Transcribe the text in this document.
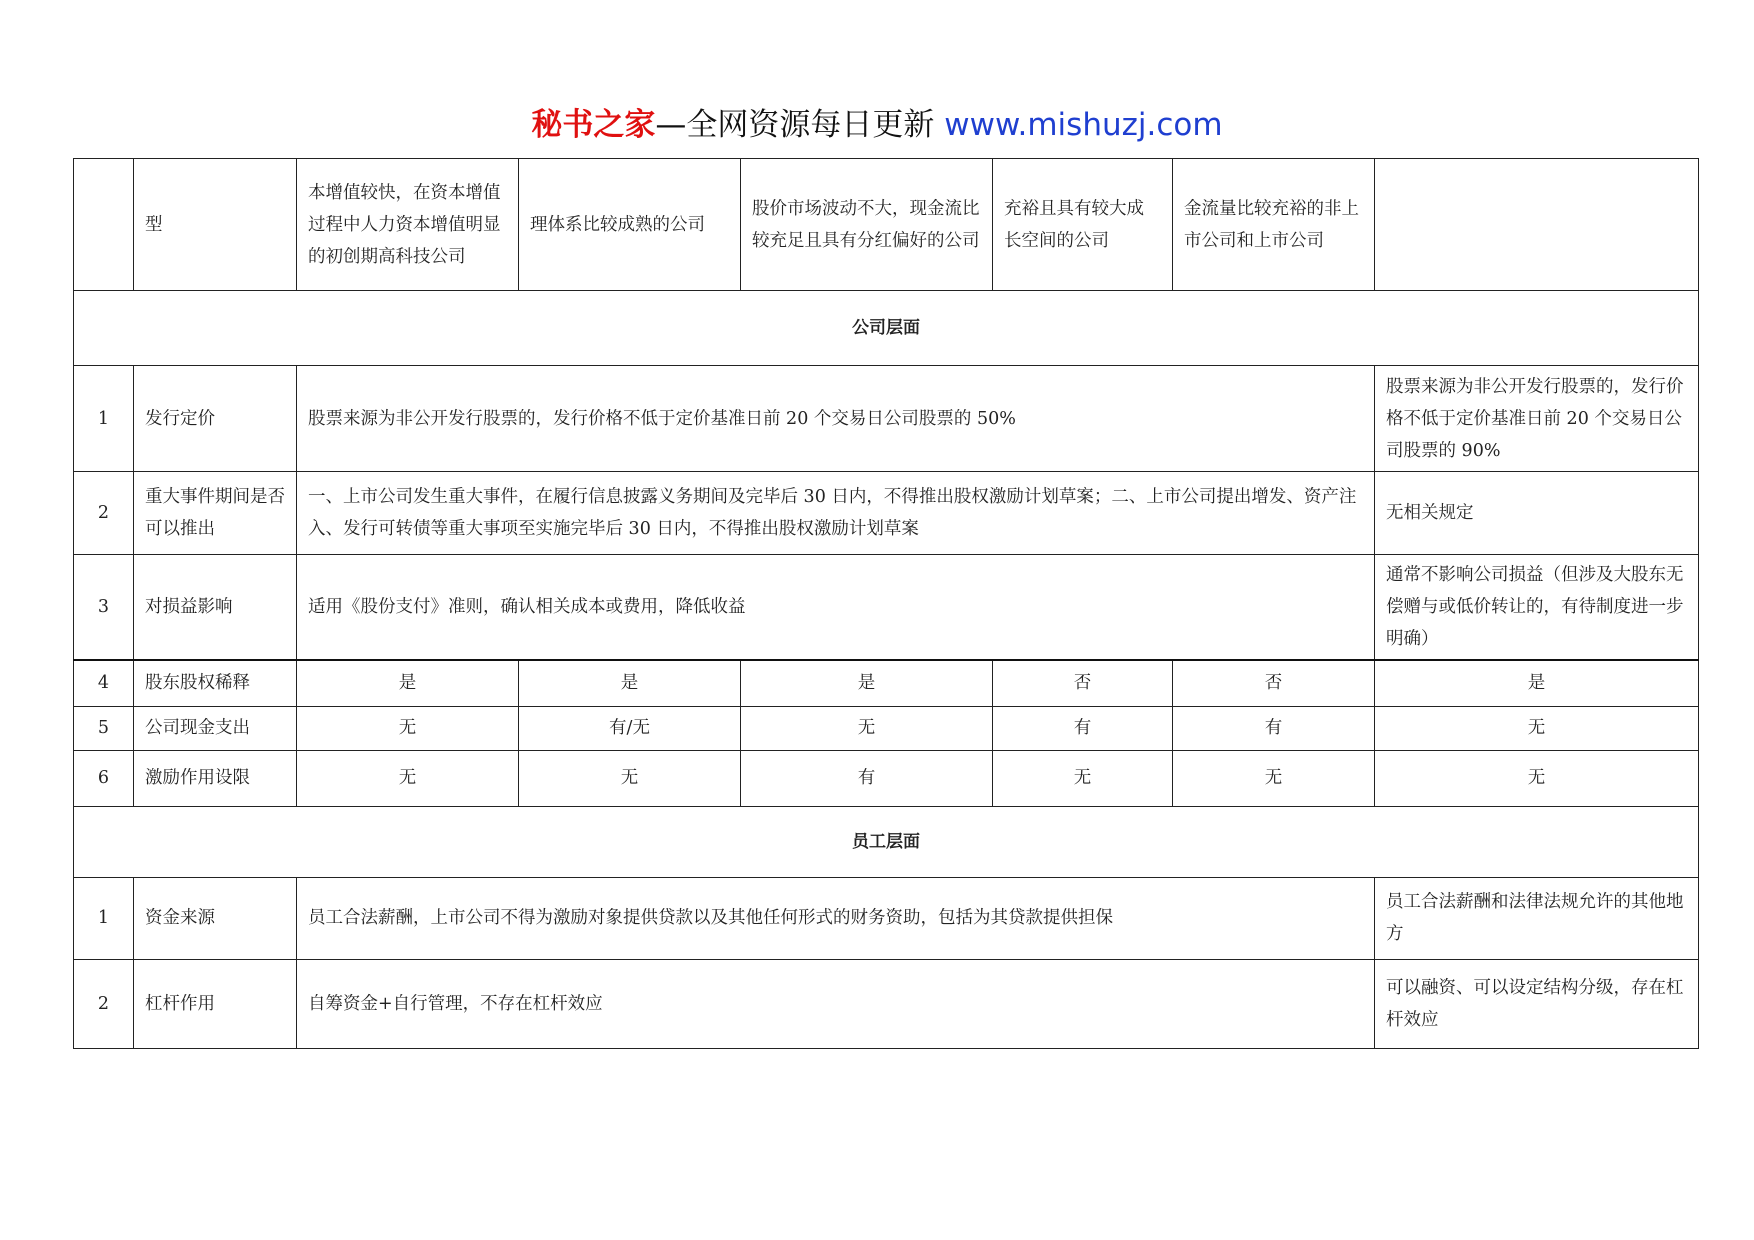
秘书之家—全网资源每日更新 www.mishuzj.com
	型	本增值较快，在资本增值过程中人力资本增值明显的初创期高科技公司	理体系比较成熟的公司	股价市场波动不大，现金流比较充足且具有分红偏好的公司	充裕且具有较大成长空间的公司	金流量比较充裕的非上市公司和上市公司	
公司层面							
1	发行定价	股票来源为非公开发行股票的，发行价格不低于定价基准日前 20 个交易日公司股票的 50%					股票来源为非公开发行股票的，发行价格不低于定价基准日前 20 个交易日公司股票的 90%
2	重大事件期间是否可以推出	一、上市公司发生重大事件，在履行信息披露义务期间及完毕后 30 日内，不得推出股权激励计划草案；二、上市公司提出增发、资产注入、发行可转债等重大事项至实施完毕后 30 日内，不得推出股权激励计划草案					无相关规定
3	对损益影响	适用《股份支付》准则，确认相关成本或费用，降低收益					通常不影响公司损益（但涉及大股东无偿赠与或低价转让的，有待制度进一步明确）
4	股东股权稀释	是	是	是	否	否	是
5	公司现金支出	无	有/无	无	有	有	无
6	激励作用设限	无	无	有	无	无	无
员工层面							
1	资金来源	员工合法薪酬，上市公司不得为激励对象提供贷款以及其他任何形式的财务资助，包括为其贷款提供担保					员工合法薪酬和法律法规允许的其他地方
2	杠杆作用	自筹资金+自行管理，不存在杠杆效应					可以融资、可以设定结构分级，存在杠杆效应
